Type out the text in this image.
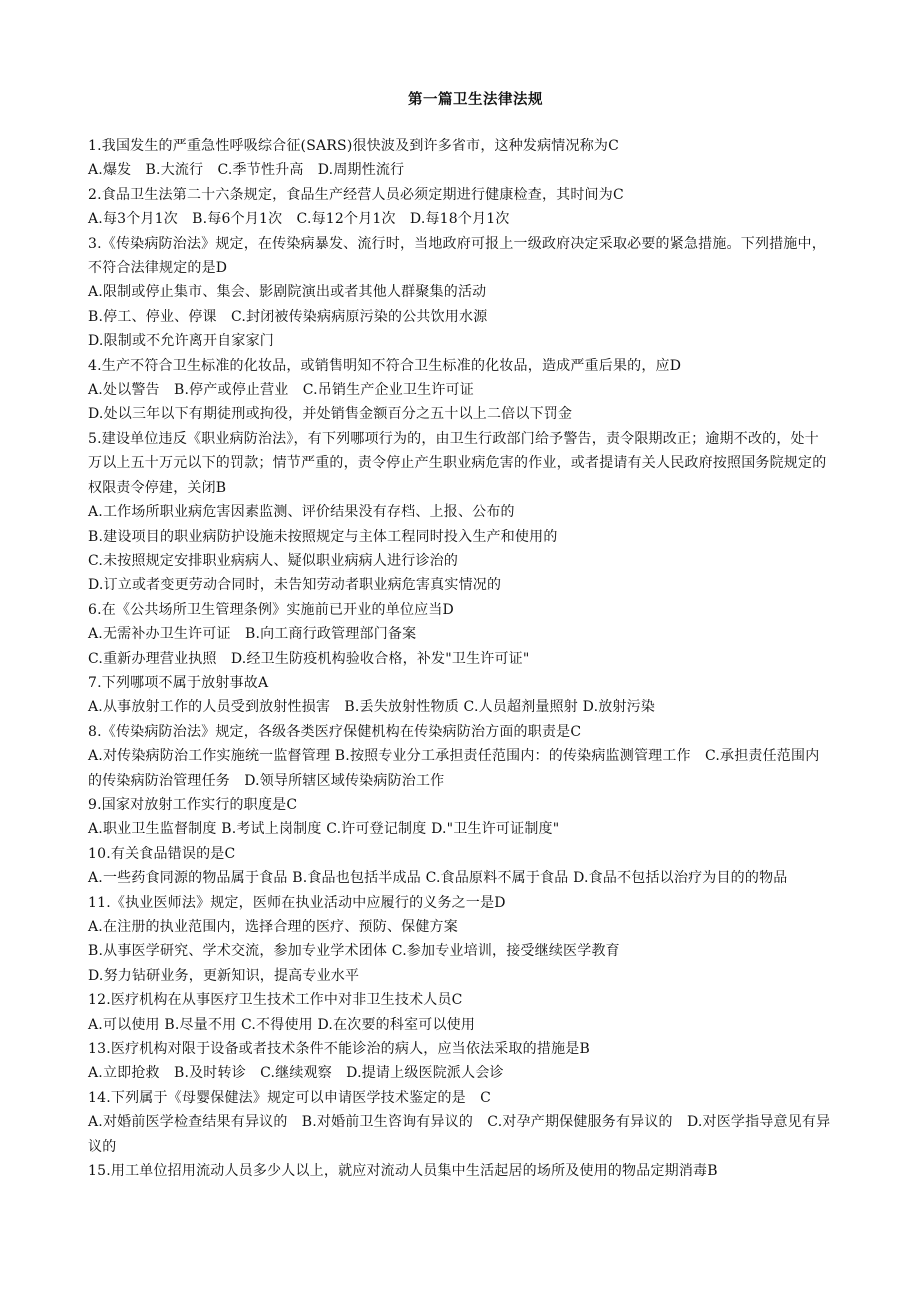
第一篇卫生法律法规
1.我国发生的严重急性呼吸综合征(SARS)很快波及到许多省市，这种发病情况称为C
A.爆发　B.大流行　C.季节性升高　D.周期性流行
2.食品卫生法第二十六条规定，食品生产经营人员必须定期进行健康检查，其时间为C
A.每3个月1次　B.每6个月1次　C.每12个月1次　D.每18个月1次
3.《传染病防治法》规定，在传染病暴发、流行时，当地政府可报上一级政府决定采取必要的紧急措施。下列措施中，不符合法律规定的是D
A.限制或停止集市、集会、影剧院演出或者其他人群聚集的活动
B.停工、停业、停课　C.封闭被传染病病原污染的公共饮用水源
D.限制或不允许离开自家家门
4.生产不符合卫生标准的化妆品，或销售明知不符合卫生标准的化妆品，造成严重后果的，应D
A.处以警告　B.停产或停止营业　C.吊销生产企业卫生许可证
D.处以三年以下有期徒刑或拘役，并处销售金额百分之五十以上二倍以下罚金
5.建设单位违反《职业病防治法》，有下列哪项行为的，由卫生行政部门给予警告，责令限期改正；逾期不改的，处十万以上五十万元以下的罚款；情节严重的，责令停止产生职业病危害的作业，或者提请有关人民政府按照国务院规定的权限责令停建，关闭B
A.工作场所职业病危害因素监测、评价结果没有存档、上报、公布的
B.建设项目的职业病防护设施未按照规定与主体工程同时投入生产和使用的
C.未按照规定安排职业病病人、疑似职业病病人进行诊治的
D.订立或者变更劳动合同时，未告知劳动者职业病危害真实情况的
6.在《公共场所卫生管理条例》实施前已开业的单位应当D
A.无需补办卫生许可证　B.向工商行政管理部门备案
C.重新办理营业执照　D.经卫生防疫机构验收合格，补发"卫生许可证"
7.下列哪项不属于放射事故A
A.从事放射工作的人员受到放射性损害　B.丢失放射性物质 C.人员超剂量照射 D.放射污染
8.《传染病防治法》规定，各级各类医疗保健机构在传染病防治方面的职责是C
A.对传染病防治工作实施统一监督管理 B.按照专业分工承担责任范围内：的传染病监测管理工作　C.承担责任范围内的传染病防治管理任务　D.领导所辖区域传染病防治工作
9.国家对放射工作实行的职度是C
A.职业卫生监督制度 B.考试上岗制度 C.许可登记制度 D."卫生许可证制度"
10.有关食品错误的是C
A.一些药食同源的物品属于食品 B.食品也包括半成品 C.食品原料不属于食品 D.食品不包括以治疗为目的的物品
11.《执业医师法》规定，医师在执业活动中应履行的义务之一是D
A.在注册的执业范围内，选择合理的医疗、预防、保健方案
B.从事医学研究、学术交流，参加专业学术团体 C.参加专业培训，接受继续医学教育
D.努力钻研业务，更新知识，提高专业水平
12.医疗机构在从事医疗卫生技术工作中对非卫生技术人员C
A.可以使用 B.尽量不用 C.不得使用 D.在次要的科室可以使用
13.医疗机构对限于设备或者技术条件不能诊治的病人，应当依法采取的措施是B
A.立即抢救　B.及时转诊　C.继续观察　D.提请上级医院派人会诊
14.下列属于《母婴保健法》规定可以申请医学技术鉴定的是　C
A.对婚前医学检查结果有异议的　B.对婚前卫生咨询有异议的　C.对孕产期保健服务有异议的　D.对医学指导意见有异议的
15.用工单位招用流动人员多少人以上，就应对流动人员集中生活起居的场所及使用的物品定期消毒B
